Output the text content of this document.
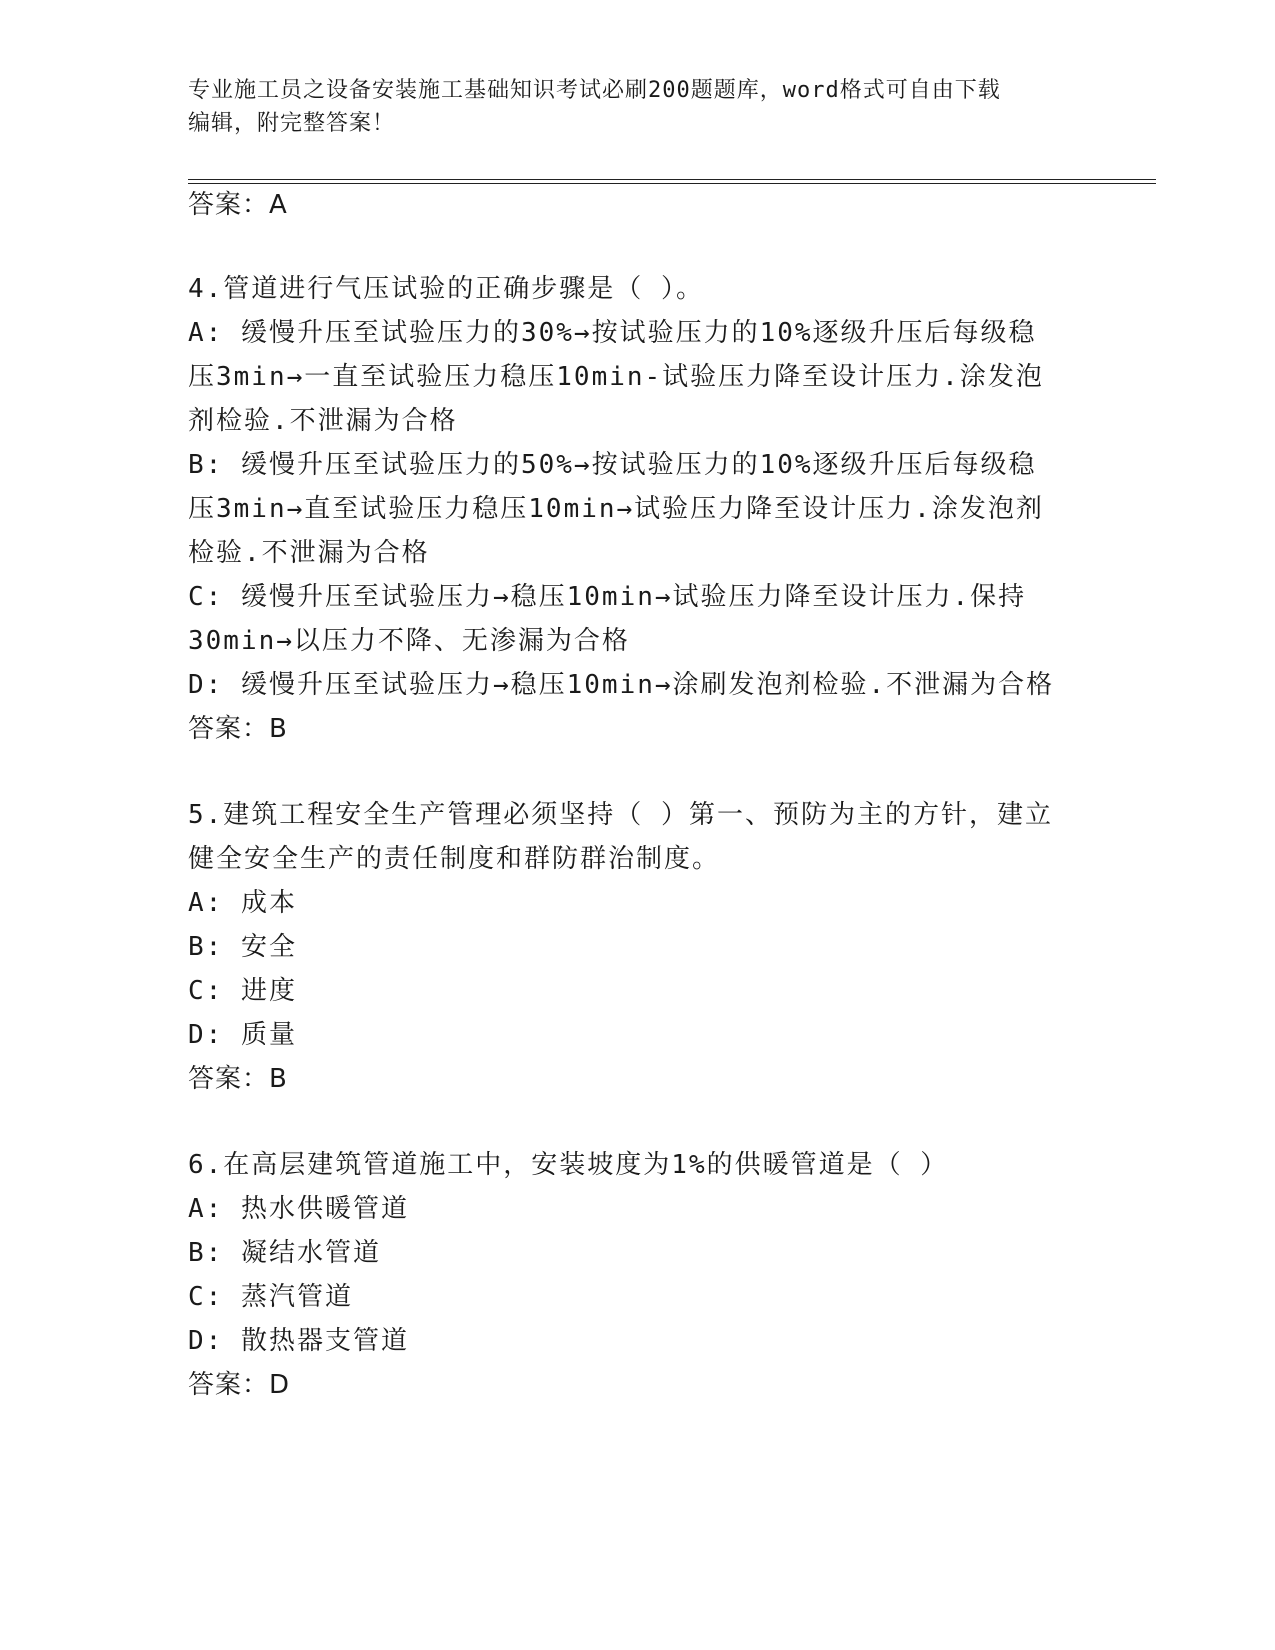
专业施工员之设备安装施工基础知识考试必刷200题题库，word格式可自由下载
编辑，附完整答案！
答案：A
4.管道进行气压试验的正确步骤是（ ）。
A: 缓慢升压至试验压力的30%→按试验压力的10%逐级升压后每级稳
压3min→一直至试验压力稳压10min-试验压力降至设计压力.涂发泡
剂检验.不泄漏为合格
B: 缓慢升压至试验压力的50%→按试验压力的10%逐级升压后每级稳
压3min→直至试验压力稳压10min→试验压力降至设计压力.涂发泡剂
检验.不泄漏为合格
C: 缓慢升压至试验压力→稳压10min→试验压力降至设计压力.保持
30min→以压力不降、无渗漏为合格
D: 缓慢升压至试验压力→稳压10min→涂刷发泡剂检验.不泄漏为合格
答案：B
5.建筑工程安全生产管理必须坚持（ ）第一、预防为主的方针，建立
健全安全生产的责任制度和群防群治制度。
A: 成本
B: 安全
C: 进度
D: 质量
答案：B
6.在高层建筑管道施工中，安装坡度为1%的供暖管道是（ ）
A: 热水供暖管道
B: 凝结水管道
C: 蒸汽管道
D: 散热器支管道
答案：D
